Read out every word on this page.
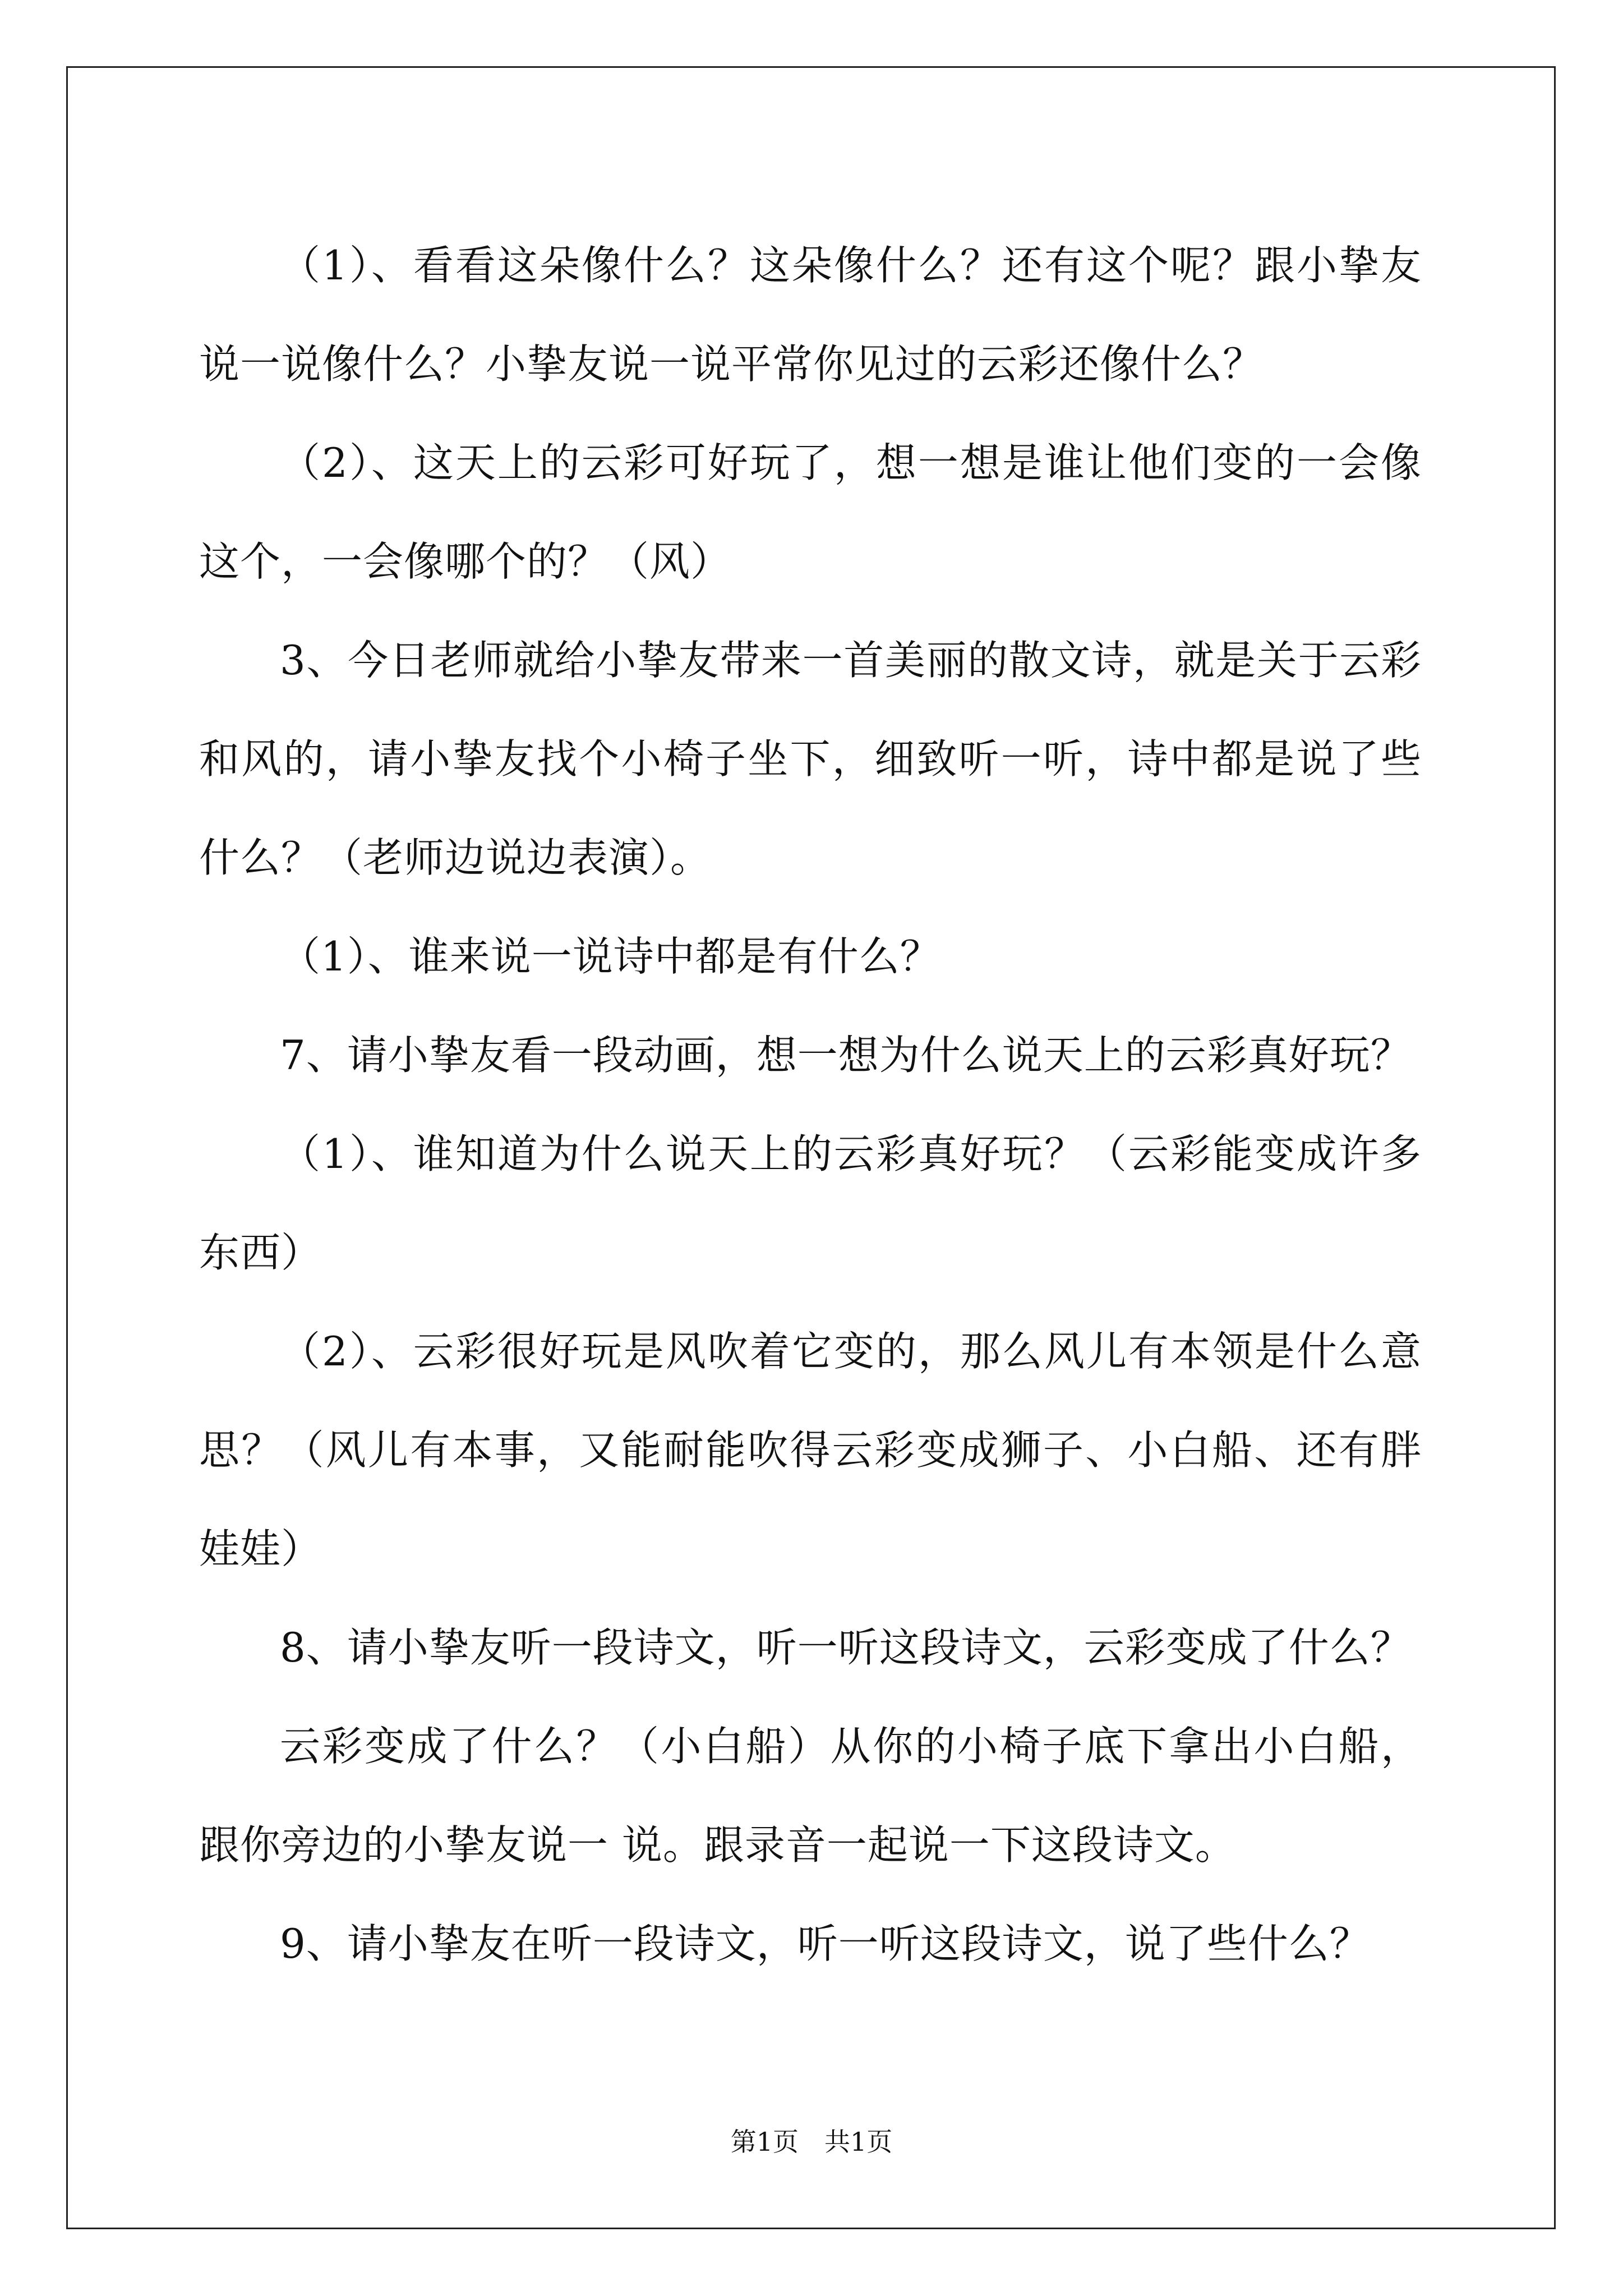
（1）、看看这朵像什么？这朵像什么？还有这个呢？跟小挚友说一说像什么？小挚友说一说平常你见过的云彩还像什么？

（2）、这天上的云彩可好玩了，想一想是谁让他们变的一会像这个，一会像哪个的？（风）

3、今日老师就给小挚友带来一首美丽的散文诗，就是关于云彩和风的，请小挚友找个小椅子坐下，细致听一听，诗中都是说了些什么？（老师边说边表演）。

（1）、谁来说一说诗中都是有什么？

7、请小挚友看一段动画，想一想为什么说天上的云彩真好玩？

（1）、谁知道为什么说天上的云彩真好玩？（云彩能变成许多东西）

（2）、云彩很好玩是风吹着它变的，那么风儿有本领是什么意思？（风儿有本事，又能耐能吹得云彩变成狮子、小白船、还有胖娃娃）

8、请小挚友听一段诗文，听一听这段诗文，云彩变成了什么？

云彩变成了什么？（小白船）从你的小椅子底下拿出小白船，跟你旁边的小挚友说一 说。跟录音一起说一下这段诗文。

9、请小挚友在听一段诗文，听一听这段诗文，说了些什么？

第1页　共1页
